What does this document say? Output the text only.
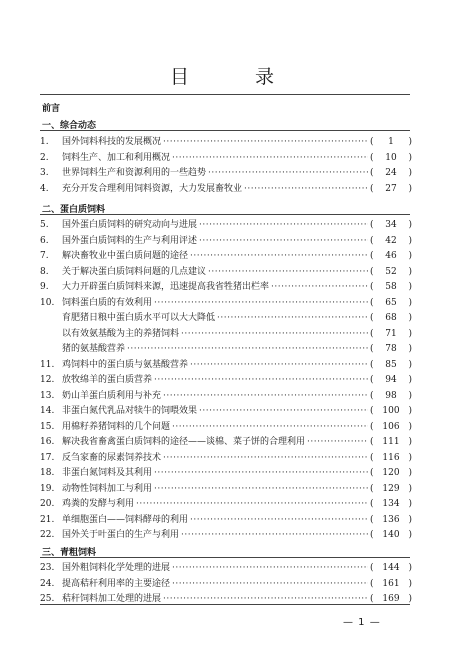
目 录
前言
一、综合动态
1.	国外饲料科技的发展概况 ·····	(	1	)
2.	饲料生产、加工和利用概况 ·····	(	10	)
3.	世界饲料生产和资源利用的一些趋势 ·····	(	24	)
4.	充分开发合理利用饲料资源，大力发展畜牧业 ·····	(	27	)
二、蛋白质饲料
5.	国外蛋白质饲料的研究动向与进展 ·····	(	34	)
6.	国外蛋白质饲料的生产与利用评述 ·····	(	42	)
7.	解决畜牧业中蛋白质问题的途径 ·····	(	46	)
8.	关于解决蛋白质饲料问题的几点建议 ·····	(	52	)
9.	大力开辟蛋白质饲料来源，迅速提高我省牲猪出栏率 ·····	(	58	)
10. 饲料蛋白质的有效利用 ·····	(	65	)
育肥猪日粮中蛋白质水平可以大大降低 ·····	(	68	)
以有效氨基酸为主的养猪饲料 ·····	(	71	)
猪的氨基酸营养 ·····	(	78	)
11. 鸡饲料中的蛋白质与氨基酸营养 ·····	(	85	)
12. 放牧绵羊的蛋白质营养 ·····	(	94	)
13. 奶山羊蛋白质利用与补充 ·····	(	98	)
14. 非蛋白氮代乳品对犊牛的饲喂效果 ·····	( 100 )
15. 用棉籽养猪饲料的几个问题 ·····	( 106 )
16. 解决我省畜禽蛋白质饲料的途径——谈棉、菜子饼的合理利用 ·····	( 111 )
17. 反刍家畜的尿素饲养技术 ·····	( 116 )
18. 非蛋白氮饲料及其利用 ·····	( 120 )
19. 动物性饲料加工与利用 ·····	( 129 )
20. 鸡粪的发酵与利用 ·····	( 134 )
21. 单细胞蛋白——饲料酵母的利用 ·····	( 136 )
22. 国外关于叶蛋白的生产与利用 ·····	( 140 )
三、青粗饲料
23. 国外粗饲料化学处理的进展 ·····	( 144 )
24. 提高秸秆利用率的主要途径 ·····	( 161 )
25. 秸秆饲料加工处理的进展 ·····	( 169 )
— 1 —
